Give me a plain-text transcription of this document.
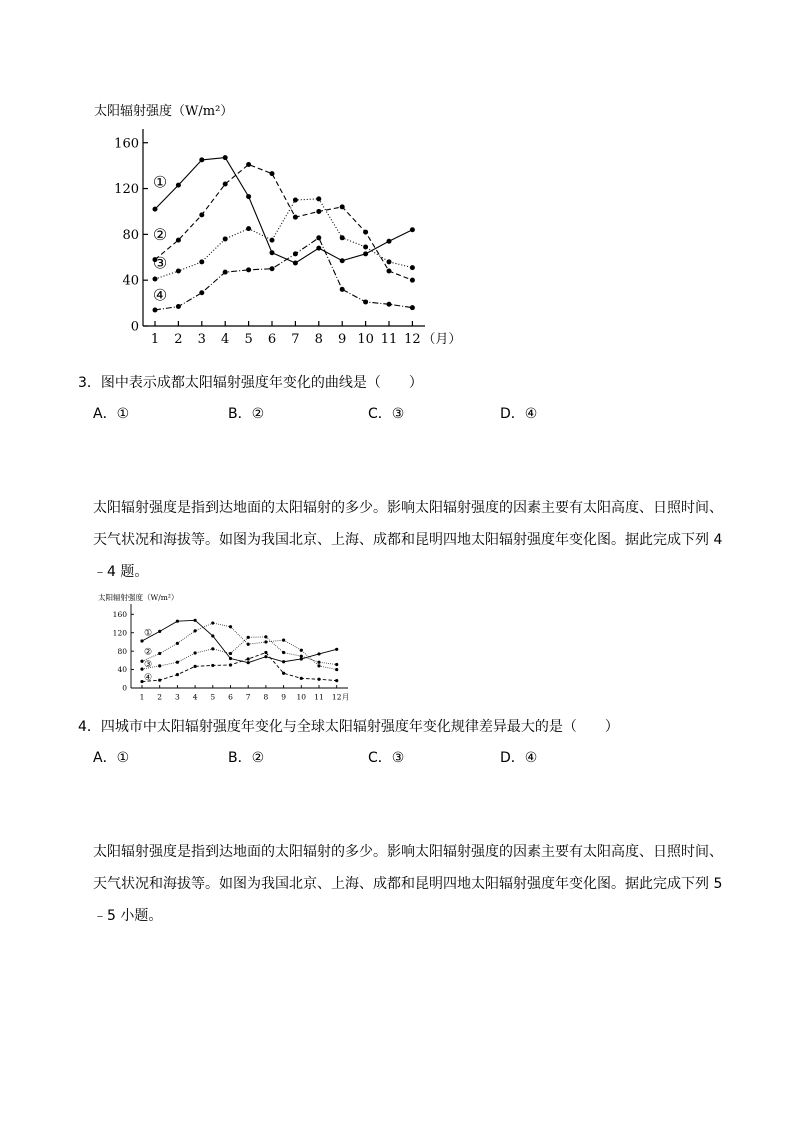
太阳辐射强度（W/m²）
0
40
80
120
160
1 2 3 4 5 6 7 8 9 10 11 12 （月）
①
②
③
④
3．图中表示成都太阳辐射强度年变化的曲线是（　　）
A．①	B．②	C．③	D．④
太阳辐射强度是指到达地面的太阳辐射的多少。影响太阳辐射强度的因素主要有太阳高度、日照时间、
天气状况和海拔等。如图为我国北京、上海、成都和昆明四地太阳辐射强度年变化图。据此完成下列 4
﹣4 题。
太阳辐射强度（W/m²）
0
40
80
120
160
1 2 3 4 5 6 7 8 9 10 11 12 月
①
②
③
④
4．四城市中太阳辐射强度年变化与全球太阳辐射强度年变化规律差异最大的是（　　）
A．①	B．②	C．③	D．④
太阳辐射强度是指到达地面的太阳辐射的多少。影响太阳辐射强度的因素主要有太阳高度、日照时间、
天气状况和海拔等。如图为我国北京、上海、成都和昆明四地太阳辐射强度年变化图。据此完成下列 5
﹣5 小题。
